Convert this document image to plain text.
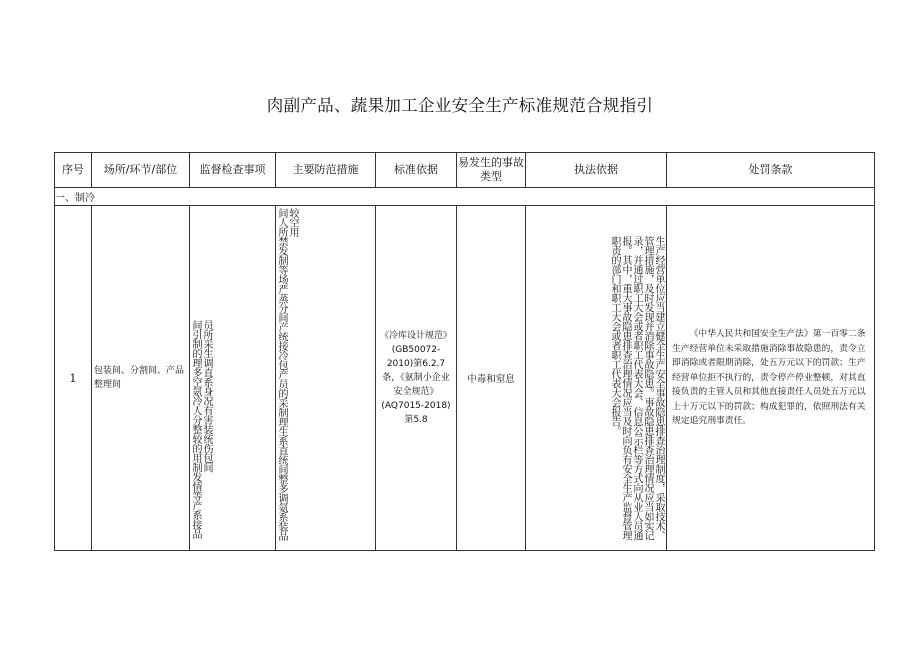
肉副产品、蔬果加工企业安全生产标准规范合规指引
序号	场所/环节/部位	监督检查事项	主要防范措施	标准依据	易发生的事故类型	执法依据	处罚条款
一、制冷							
1	包装间、分割间、产品整理间	间引制的理多空氨冷人分整较的用制发情等产系接品员所采生调直系身况有害装统伤包间	间人所禁发制等场严蒸分间产统接冷包产员的采制理生系直统间整多调氨系装品较空用	《冷库设计规范》(GB50072-2010)第6.2.7条，《氨制小企业安全规范》
(AQ7015-2018)第5.8	中毒和窒息	生产经营单位应当建立健全生产安全事故隐患排查治理制度，采取技术、管理措施，及时发现并消除事故隐患。事故隐患排查治理情况应当如实记录，并通过职工大会或者职工代表大会、信息公示栏等方式向从业人员通报。其中，重大事故隐患排查治理情况应当及时向负有安全生产监督管理职责的部门和职工大会或者职工代表大会报告。	《中华人民共和国安全生产法》第一百零二条生产经营单位未采取措施消除事故隐患的，责令立即消除或者限期消除，处五万元以下的罚款；生产经营单位拒不执行的，责令停产停业整顿，对其直接负责的主管人员和其他直接责任人员处五万元以上十万元以下的罚款；构成犯罪的，依照刑法有关规定追究刑事责任。
